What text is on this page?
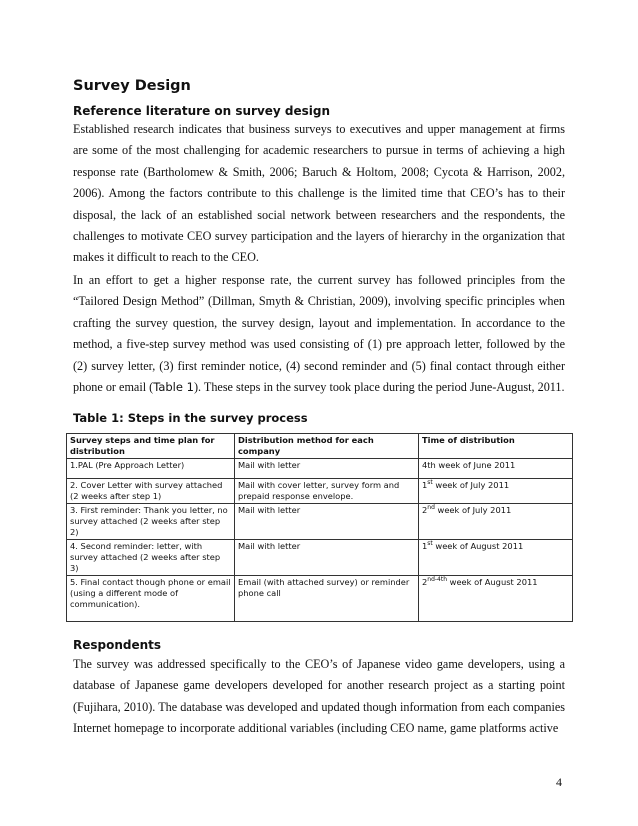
Survey Design
Reference literature on survey design

Established research indicates that business surveys to executives and upper management at firms are some of the most challenging for academic researchers to pursue in terms of achieving a high response rate (Bartholomew & Smith, 2006; Baruch & Holtom, 2008; Cycota & Harrison, 2002, 2006). Among the factors contribute to this challenge is the limited time that CEO’s has to their disposal, the lack of an established social network between researchers and the respondents, the challenges to motivate CEO survey participation and the layers of hierarchy in the organization that makes it difficult to reach to the CEO.

In an effort to get a higher response rate, the current survey has followed principles from the “Tailored Design Method” (Dillman, Smyth & Christian, 2009), involving specific principles when crafting the survey question, the survey design, layout and implementation. In accordance to the method, a five-step survey method was used consisting of (1) pre approach letter, followed by the (2) survey letter, (3) first reminder notice, (4) second reminder and (5) final contact through either phone or email (Table 1). These steps in the survey took place during the period June-August, 2011.

Table 1: Steps in the survey process
Survey steps and time plan for distribution	Distribution method for each company	Time of distribution
1.PAL (Pre Approach Letter)	Mail with letter	4th week of June 2011
2. Cover Letter with survey attached (2 weeks after step 1)	Mail with cover letter, survey form and prepaid response envelope.	1st week of July 2011
3. First reminder: Thank you letter, no survey attached (2 weeks after step 2)	Mail with letter	2nd week of July 2011
4. Second reminder: letter, with survey attached (2 weeks after step 3)	Mail with letter	1st week of August 2011
5. Final contact though phone or email (using a different mode of communication).	Email (with attached survey) or reminder phone call	$2^{nd-4th}$ week of August 2011
Respondents

The survey was addressed specifically to the CEO’s of Japanese video game developers, using a database of Japanese game developers developed for another research project as a starting point (Fujihara, 2010). The database was developed and updated though information from each companies Internet homepage to incorporate additional variables (including CEO name, game platforms active

4
